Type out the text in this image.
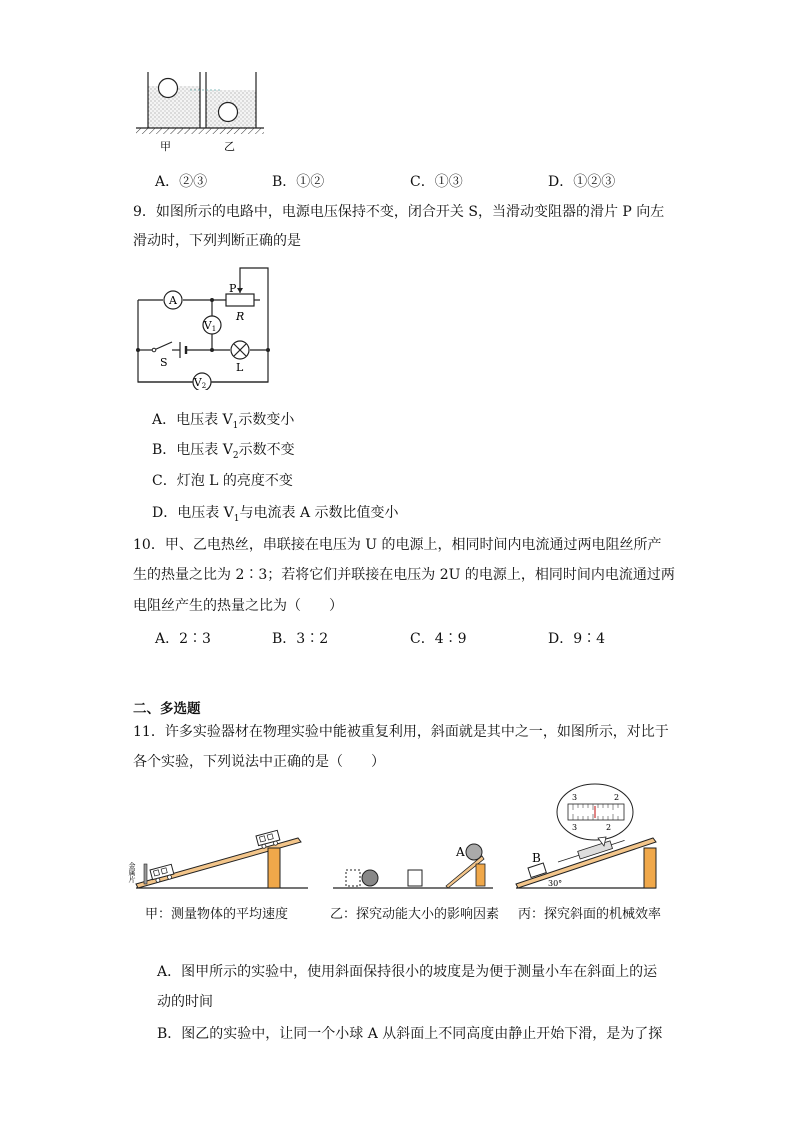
甲	乙
A．②③	B．①②	C．①③	D．①②③
9．如图所示的电路中，电源电压保持不变，闭合开关 S，当滑动变阻器的滑片 P 向左
滑动时，下列判断正确的是
A
V1
V2
P
R
S	L
A．电压表 $V_1$示数变小
B．电压表 $V_2$示数不变
C．灯泡 L 的亮度不变
D．电压表 $V_1$与电流表 A 示数比值变小
10．甲、乙电热丝，串联接在电压为 U 的电源上，相同时间内电流通过两电阻丝所产
生的热量之比为 2∶3；若将它们并联接在电压为 2U 的电源上，相同时间内电流通过两
电阻丝产生的热量之比为（　　）
A．2∶3	B．3∶2	C．4∶9	D．9∶4
二、多选题
11．许多实验器材在物理实验中能被重复利用，斜面就是其中之一，如图所示，对比于
各个实验，下列说法中正确的是（　　）
金属片
A	B
30°
3	2
3	2
甲：测量物体的平均速度	乙：探究动能大小的影响因素 丙：探究斜面的机械效率
A．图甲所示的实验中，使用斜面保持很小的坡度是为便于测量小车在斜面上的运
动的时间
B．图乙的实验中，让同一个小球 A 从斜面上不同高度由静止开始下滑，是为了探
